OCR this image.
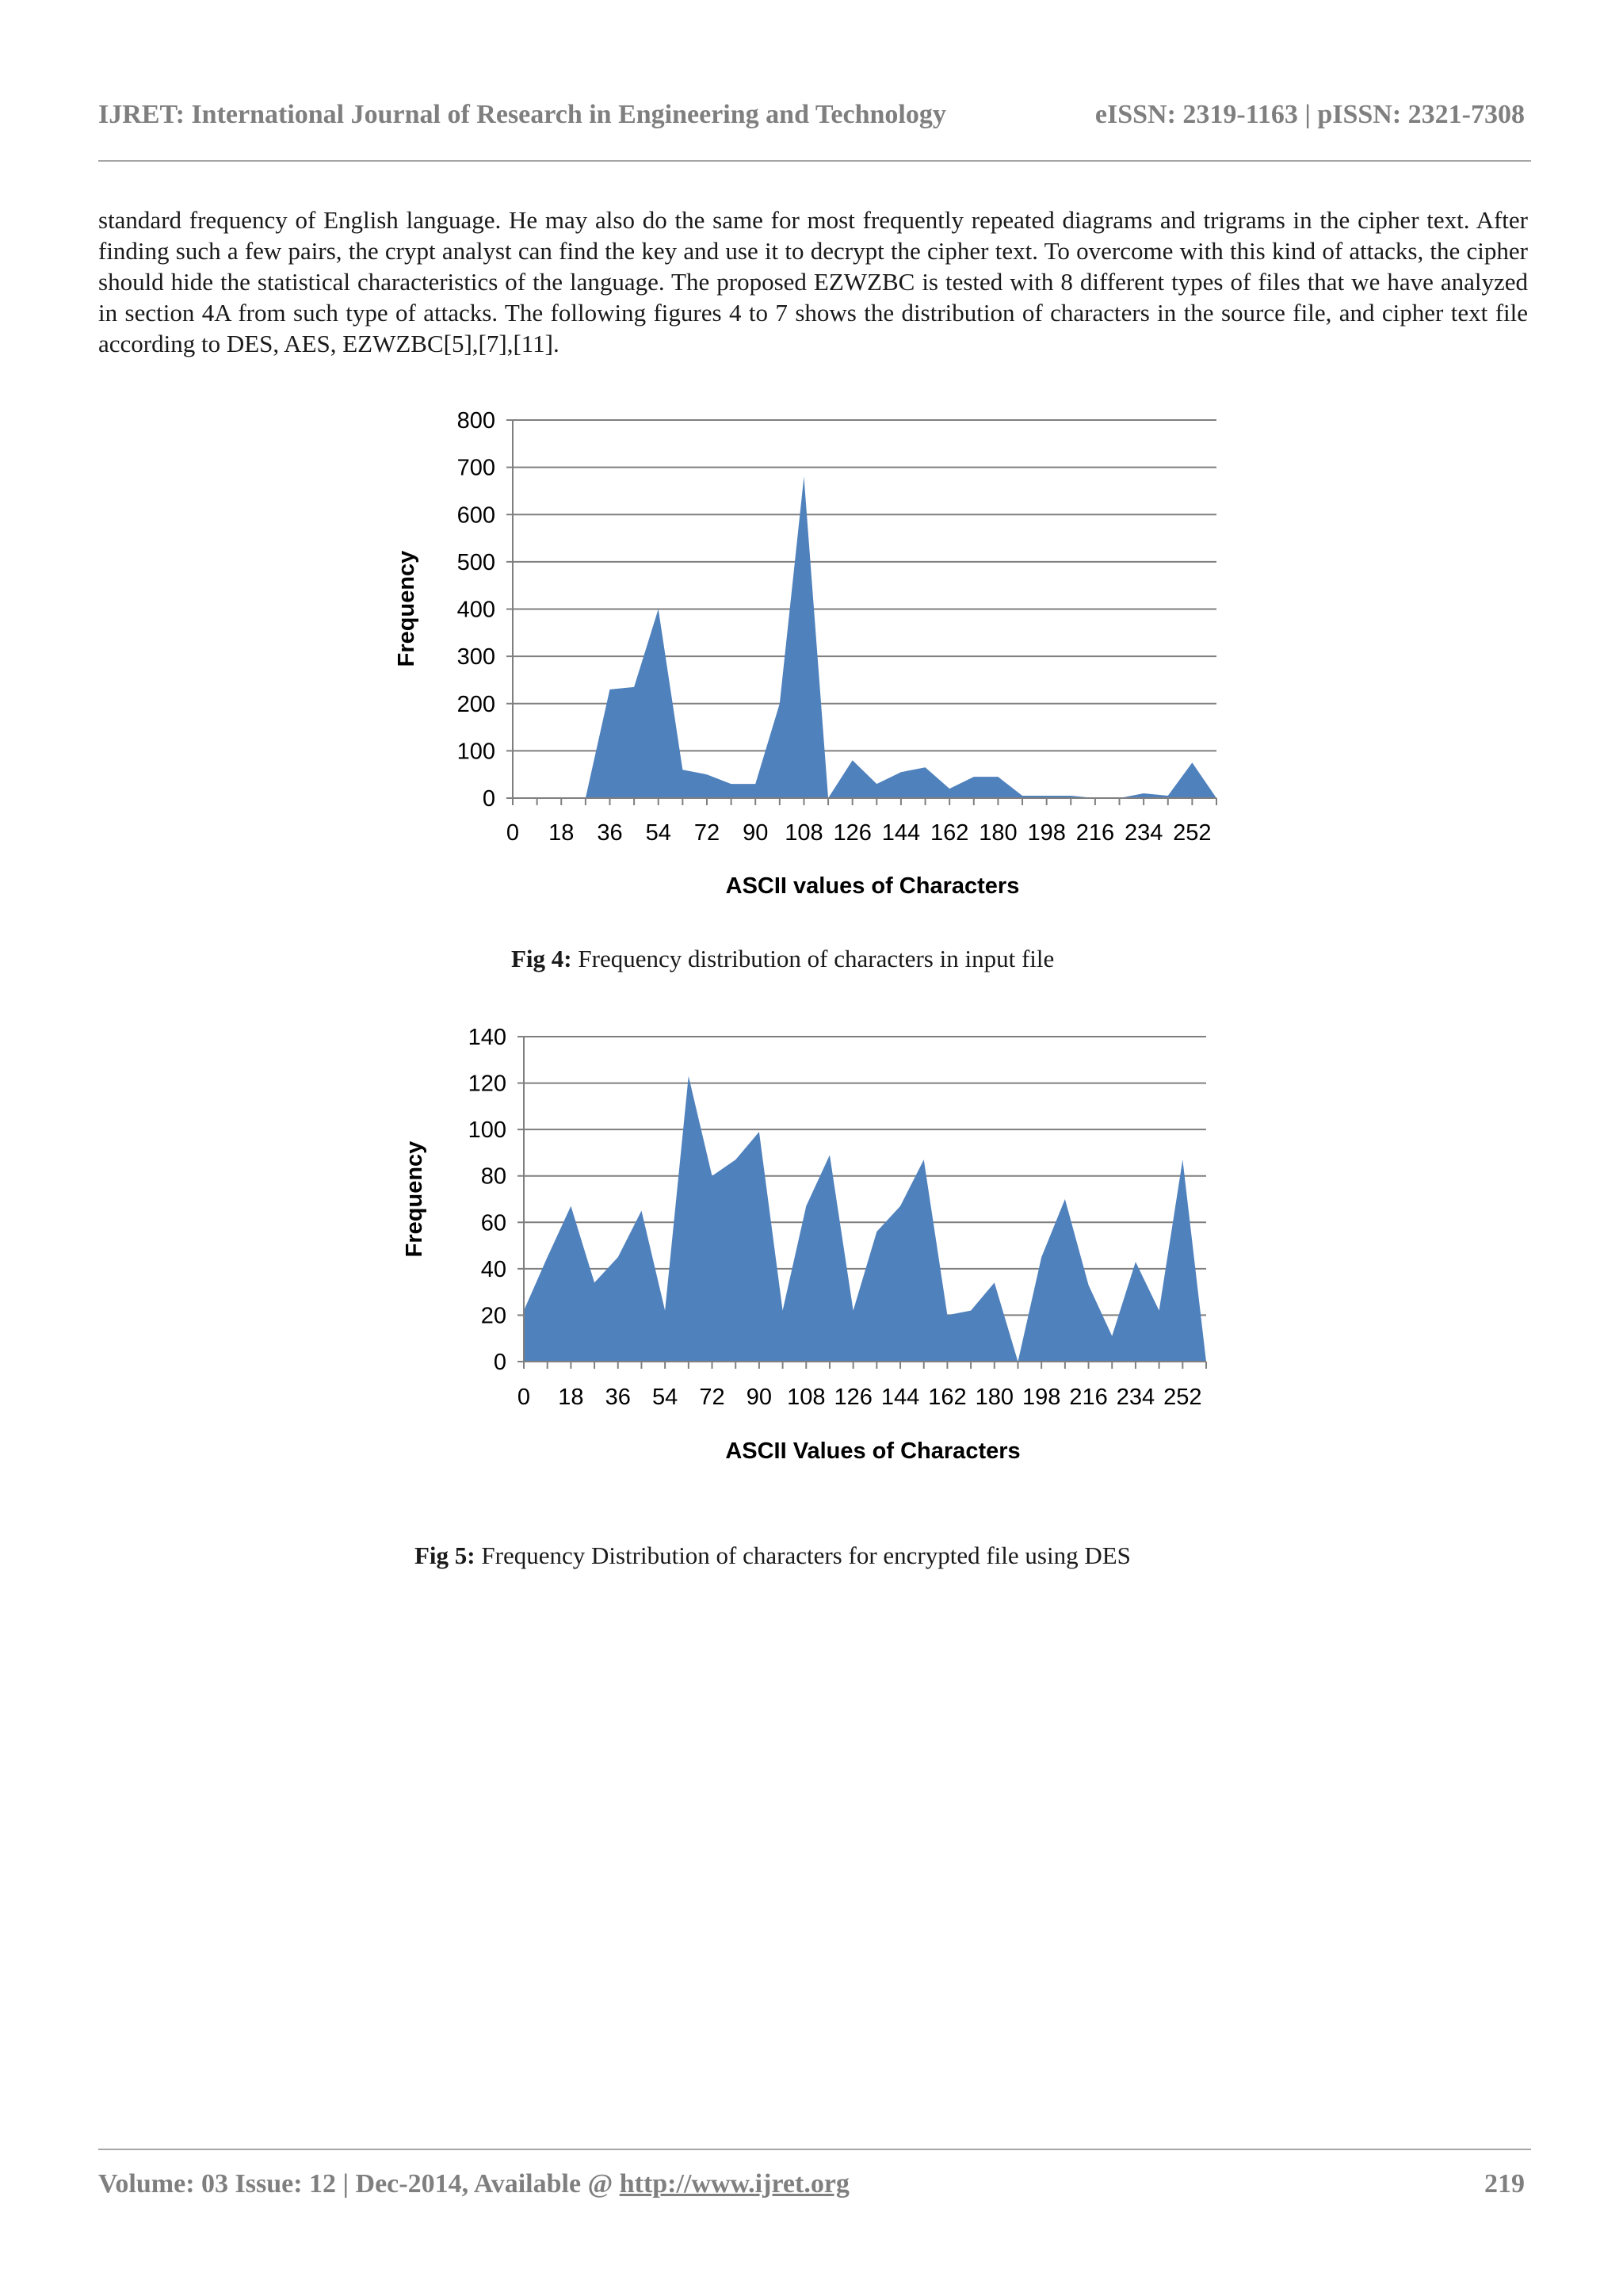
IJRET: International Journal of Research in Engineering and Technology	eISSN: 2319-1163 | pISSN: 2321-7308
standard frequency of English language. He may also do the same for most frequently repeated diagrams and trigrams in the cipher text. After finding such a few pairs, the crypt analyst can find the key and use it to decrypt the cipher text. To overcome with this kind of attacks, the cipher should hide the statistical characteristics of the language. The proposed EZWZBC is tested with 8 different types of files that we have analyzed in section 4A from such type of attacks. The following figures 4 to 7 shows the distribution of characters in the source file, and cipher text file according to DES, AES, EZWZBC[5],[7],[11].
0
100
200
300
400
500
600
700
800
0 18 36 54 72 90 108 126 144 162 180 198 216 234 252
ASCII values of Characters
Frequency
Fig 4: Frequency distribution of characters in input file
0
20
40
60
80
100
120
140
0 18 36 54 72 90 108 126 144 162 180 198 216 234 252
ASCII Values of Characters
Frequency
Fig 5: Frequency Distribution of characters for encrypted file using DES
Volume: 03 Issue: 12 | Dec-2014, Available @ http://www.ijret.org	219
